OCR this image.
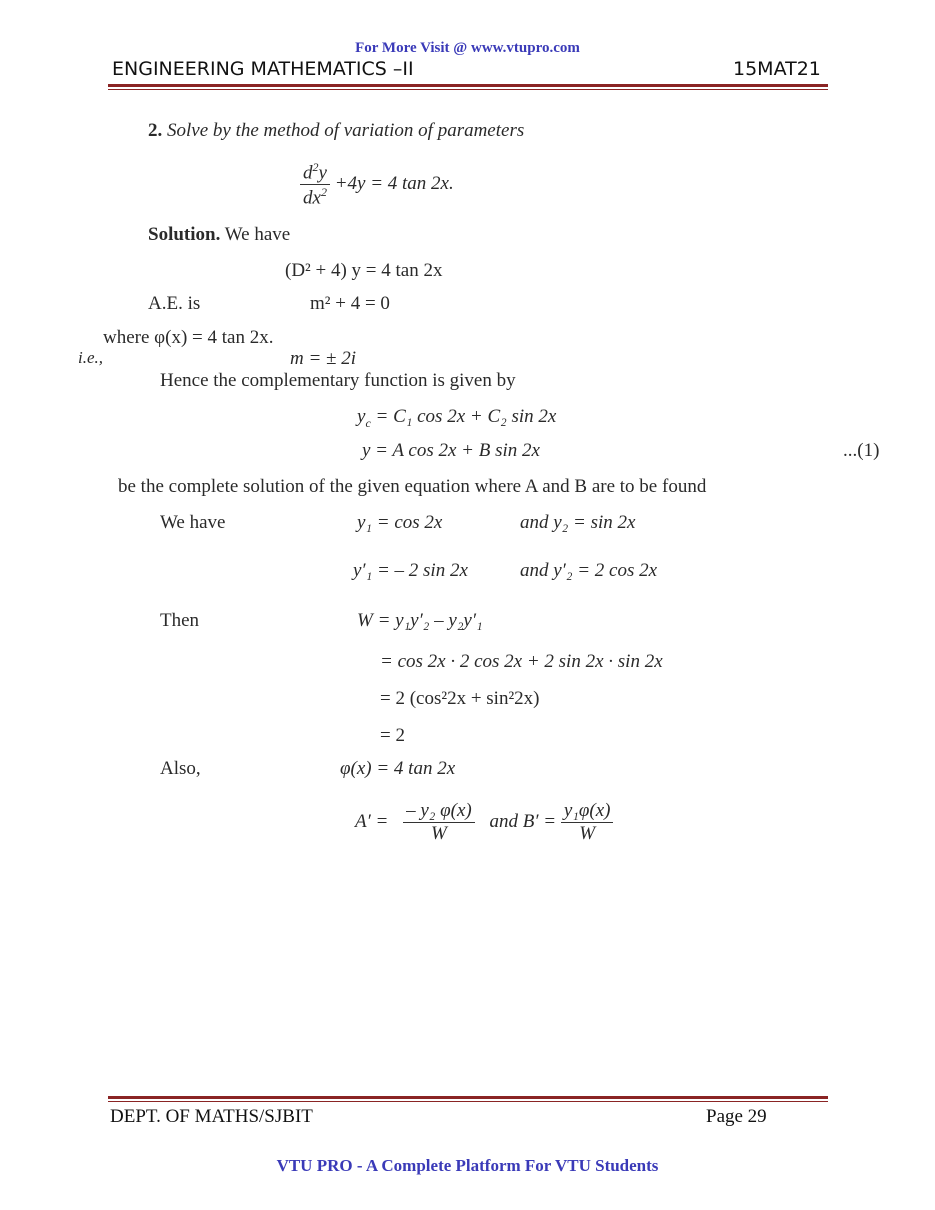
For More Visit @ www.vtupro.com
ENGINEERING MATHEMATICS –II	15MAT21
2. Solve by the method of variation of parameters
$\frac{d^2y}{dx^2} +4y = 4$ tan 2x.
Solution. We have
(D² + 4) y = 4 tan 2x
A.E. is	m² + 4 = 0
where φ(x) = 4 tan 2x.
i.e.,	m = ± 2i
Hence the complementary function is given by
$y_c = C_1$ cos 2x + C₂ sin 2x
y = A cos 2x + B sin 2x	...(1)
be the complete solution of the given equation where A and B are to be found
We have	y₁ = cos 2x	and y₂ = sin 2x
y′₁ = – 2 sin 2x	and y′₂ = 2 cos 2x
Then	W = y₁y′₂ – y₂y′₁
= cos 2x · 2 cos 2x + 2 sin 2x · sin 2x
= 2 (cos²2x + sin²2x)
= 2
Also,	φ(x) = 4 tan 2x
$A' = \frac{\text{– y₂ φ(x)}}{W}$ and $B' = \frac{\text{y₁φ(x)}}{W}$
DEPT. OF MATHS/SJBIT	Page 29
VTU PRO - A Complete Platform For VTU Students
